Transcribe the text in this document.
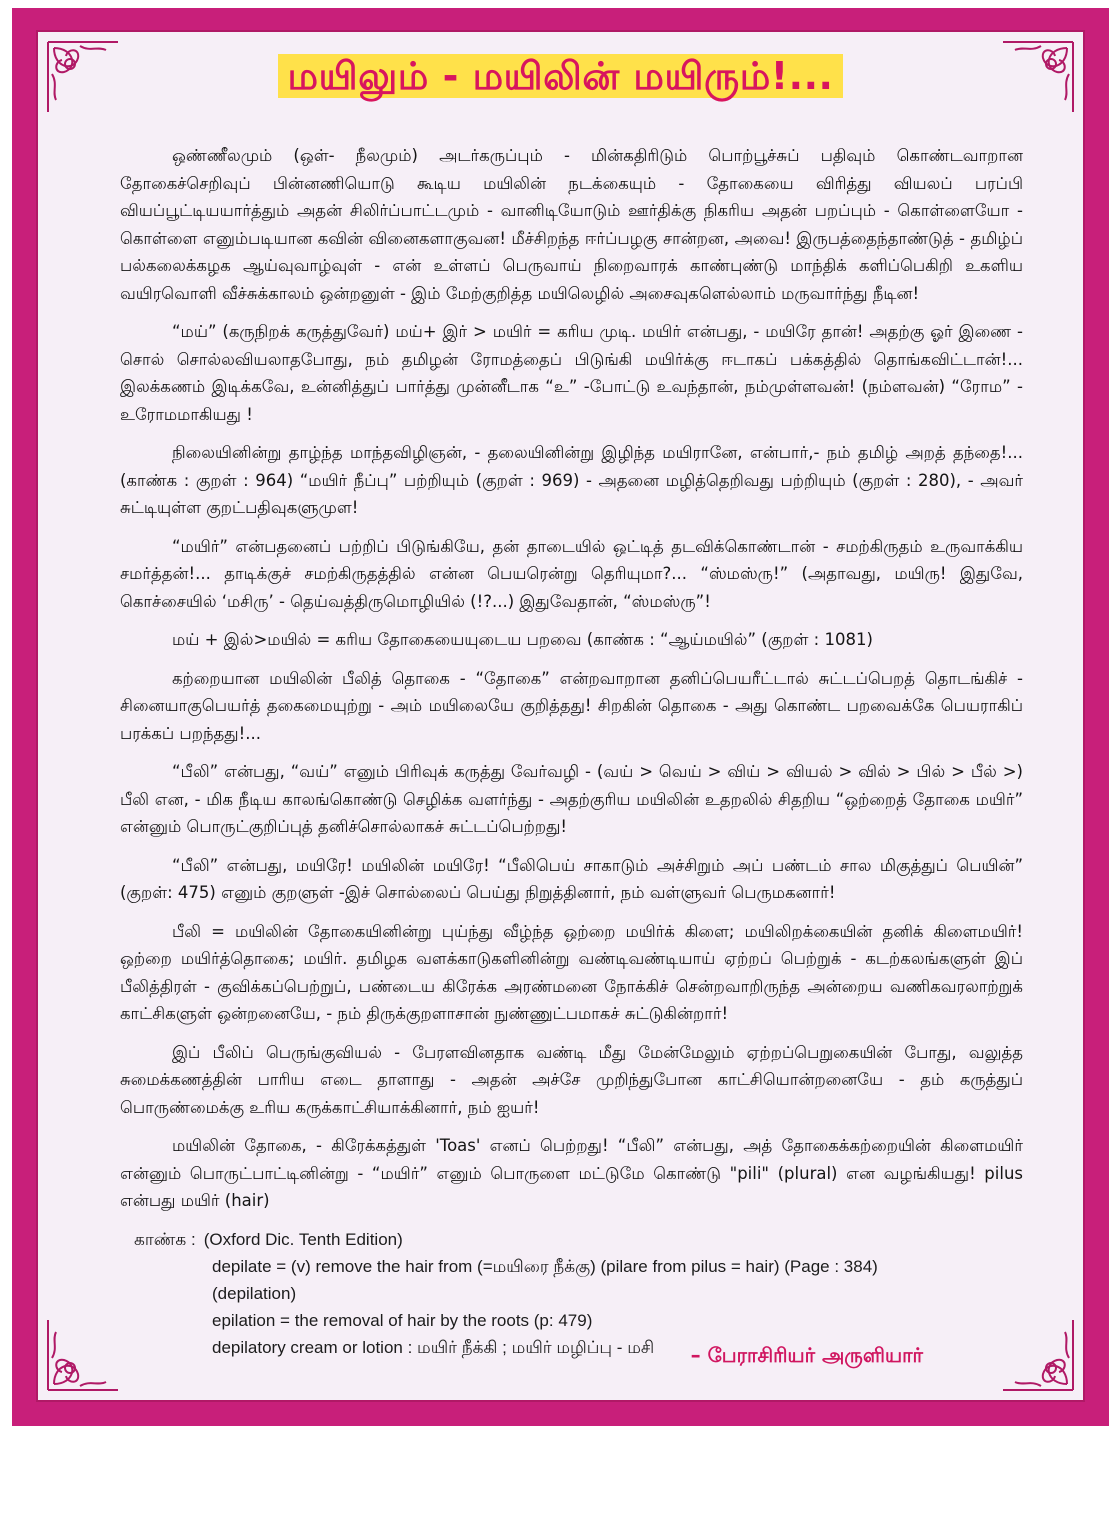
மயிலும் - மயிலின் மயிரும்!...

ஒண்ணீலமும் (ஒள்- நீலமும்) அடர்கருப்பும் - மின்கதிரிடும் பொற்பூச்சுப் பதிவும் கொண்டவாறான தோகைச்செறிவுப் பின்னணியொடு கூடிய மயிலின் நடக்கையும் - தோகையை விரித்து வியலப் பரப்பி வியப்பூட்டியயார்த்தும் அதன் சிலிர்ப்பாட்டமும் - வானிடியோடும் ஊர்திக்கு நிகரிய அதன் பறப்பும் - கொள்ளையோ - கொள்ளை எனும்படியான கவின் வினைகளாகுவன! மீச்சிறந்த ஈர்ப்பழகு சான்றன, அவை! இருபத்தைந்தாண்டுத் - தமிழ்ப் பல்கலைக்கழக ஆய்வுவாழ்வுள் - என் உள்ளப் பெருவாய் நிறைவாரக் காண்புண்டு மாந்திக் களிப்பெகிறி உகளிய வயிரவொளி வீச்சுக்காலம் ஒன்றனுள் - இம் மேற்குறித்த மயிலெழில் அசைவுகளெல்லாம் மருவார்ந்து நீடின!

“மய்” (கருநிறக் கருத்துவேர்) மய்+ இர் > மயிர் = கரிய முடி. மயிர் என்பது, - மயிரே தான்! அதற்கு ஓர் இணை - சொல் சொல்லவியலாதபோது, நம் தமிழன் ரோமத்தைப் பிடுங்கி மயிர்க்கு ஈடாகப் பக்கத்தில் தொங்கவிட்டான்!... இலக்கணம் இடிக்கவே, உன்னித்துப் பார்த்து முன்னீடாக “உ” -போட்டு உவந்தான், நம்முள்ளவன்! (நம்ளவன்) “ரோம” - உரோமமாகியது !

நிலையினின்று தாழ்ந்த மாந்தவிழிஞன், - தலையினின்று இழிந்த மயிரானே, என்பார்,- நம் தமிழ் அறத் தந்தை!... (காண்க : குறள் : 964) “மயிர் நீப்பு” பற்றியும் (குறள் : 969) - அதனை மழித்தெறிவது பற்றியும் (குறள் : 280), - அவர் சுட்டியுள்ள குறட்பதிவுகளுமுள!

“மயிர்” என்பதனைப் பற்றிப் பிடுங்கியே, தன் தாடையில் ஒட்டித் தடவிக்கொண்டான் - சமற்கிருதம் உருவாக்கிய சமர்த்தன்!... தாடிக்குச் சமற்கிருதத்தில் என்ன பெயரென்று தெரியுமா?... “ஸ்மஸ்ரு!” (அதாவது, மயிரு! இதுவே, கொச்சையில் ‘மசிரு’ - தெய்வத்திருமொழியில் (!?...) இதுவேதான், “ஸ்மஸ்ரு”!

மய் + இல்>மயில் = கரிய தோகையையுடைய பறவை (காண்க : “ஆய்மயில்” (குறள் : 1081)

கற்றையான மயிலின் பீலித் தொகை - “தோகை” என்றவாறான தனிப்பெயரீட்டால் சுட்டப்பெறத் தொடங்கிச் - சினையாகுபெயர்த் தகைமையுற்று - அம் மயிலையே குறித்தது! சிறகின் தொகை - அது கொண்ட பறவைக்கே பெயராகிப் பரக்கப் பறந்தது!...

“பீலி” என்பது, “வய்” எனும் பிரிவுக் கருத்து வேர்வழி - (வய் > வெய் > விய் > வியல் > வில் > பில் > பீல் >) பீலி என, - மிக நீடிய காலங்கொண்டு செழிக்க வளர்ந்து - அதற்குரிய மயிலின் உதறலில் சிதறிய “ஒற்றைத் தோகை மயிர்” என்னும் பொருட்குறிப்புத் தனிச்சொல்லாகச் சுட்டப்பெற்றது!

“பீலி” என்பது, மயிரே! மயிலின் மயிரே! “பீலிபெய் சாகாடும் அச்சிறும் அப் பண்டம் சால மிகுத்துப் பெயின்” (குறள்: 475) எனும் குறளுள் -இச் சொல்லைப் பெய்து நிறுத்தினார், நம் வள்ளுவர் பெருமகனார்!

பீலி = மயிலின் தோகையினின்று புய்ந்து வீழ்ந்த ஒற்றை மயிர்க் கிளை; மயிலிறக்கையின் தனிக் கிளைமயிர்! ஒற்றை மயிர்த்தொகை; மயிர். தமிழக வளக்காடுகளினின்று வண்டிவண்டியாய் ஏற்றப் பெற்றுக் - கடற்கலங்களுள் இப் பீலித்திரள் - குவிக்கப்பெற்றுப், பண்டைய கிரேக்க அரண்மனை நோக்கிச் சென்றவாறிருந்த அன்றைய வணிகவரலாற்றுக் காட்சிகளுள் ஒன்றனையே, - நம் திருக்குறளாசான் நுண்ணுட்பமாகச் சுட்டுகின்றார்!

இப் பீலிப் பெருங்குவியல் - பேரளவினதாக வண்டி மீது மேன்மேலும் ஏற்றப்பெறுகையின் போது, வலுத்த சுமைக்கணத்தின் பாரிய எடை தாளாது - அதன் அச்சே முறிந்துபோன காட்சியொன்றனையே - தம் கருத்துப் பொருண்மைக்கு உரிய கருக்காட்சியாக்கினார், நம் ஐயர்!

மயிலின் தோகை, - கிரேக்கத்துள் 'Toas' எனப் பெற்றது! “பீலி” என்பது, அத் தோகைக்கற்றையின் கிளைமயிர் என்னும் பொருட்பாட்டினின்று - “மயிர்” எனும் பொருளை மட்டுமே கொண்டு "pili" (plural) என வழங்கியது! pilus என்பது மயிர் (hair)

காண்க : (Oxford Dic. Tenth Edition)
depilate = (v) remove the hair from (=மயிரை நீக்கு) (pilare from pilus = hair) (Page : 384)
(depilation)
epilation = the removal of hair by the roots (p: 479)
depilatory cream or lotion : மயிர் நீக்கி ; மயிர் மழிப்பு - மசி	– பேராசிரியர் அருளியார்
